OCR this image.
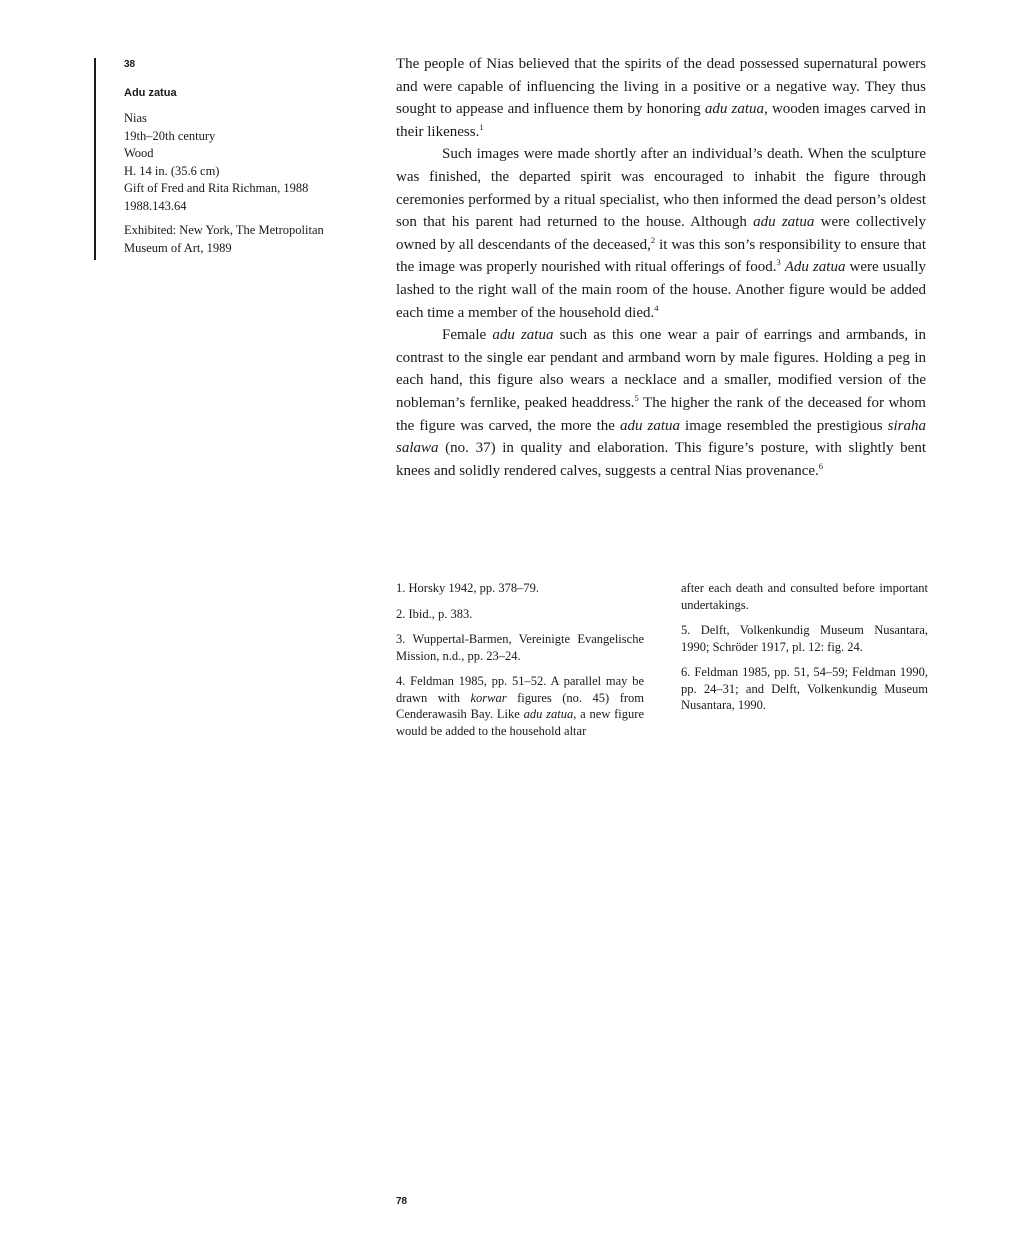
38
Adu zatua
Nias
19th–20th century
Wood
H. 14 in. (35.6 cm)
Gift of Fred and Rita Richman, 1988
1988.143.64
Exhibited: New York, The Metropolitan
Museum of Art, 1989

The people of Nias believed that the spirits of the dead possessed supernatural powers and were capable of influencing the living in a positive or a negative way. They thus sought to appease and influence them by honoring adu zatua, wooden images carved in their likeness.$^1$

Such images were made shortly after an individual’s death. When the sculpture was finished, the departed spirit was encouraged to inhabit the figure through ceremonies performed by a ritual specialist, who then informed the dead person’s oldest son that his parent had returned to the house. Although adu zatua were collectively owned by all descendants of the deceased,$^2$ it was this son’s responsibility to ensure that the image was properly nourished with ritual offerings of food.$^3$ Adu zatua were usually lashed to the right wall of the main room of the house. Another figure would be added each time a member of the household died.$^4$

Female adu zatua such as this one wear a pair of earrings and armbands, in contrast to the single ear pendant and armband worn by male figures. Holding a peg in each hand, this figure also wears a necklace and a smaller, modified version of the nobleman’s fernlike, peaked headdress.$^5$ The higher the rank of the deceased for whom the figure was carved, the more the adu zatua image resembled the prestigious siraha salawa (no. 37) in quality and elaboration. This figure’s posture, with slightly bent knees and solidly rendered calves, suggests a central Nias provenance.$^6$

1. Horsky 1942, pp. 378–79.

2. Ibid., p. 383.

3. Wuppertal-Barmen, Vereinigte Evangelische Mission, n.d., pp. 23–24.

4. Feldman 1985, pp. 51–52. A parallel may be drawn with korwar figures (no. 45) from Cenderawasih Bay. Like adu zatua, a new figure would be added to the household altar

after each death and consulted before important undertakings.

5. Delft, Volkenkundig Museum Nusantara, 1990; Schröder 1917, pl. 12: fig. 24.

6. Feldman 1985, pp. 51, 54–59; Feldman 1990, pp. 24–31; and Delft, Volkenkundig Museum Nusantara, 1990.

78
